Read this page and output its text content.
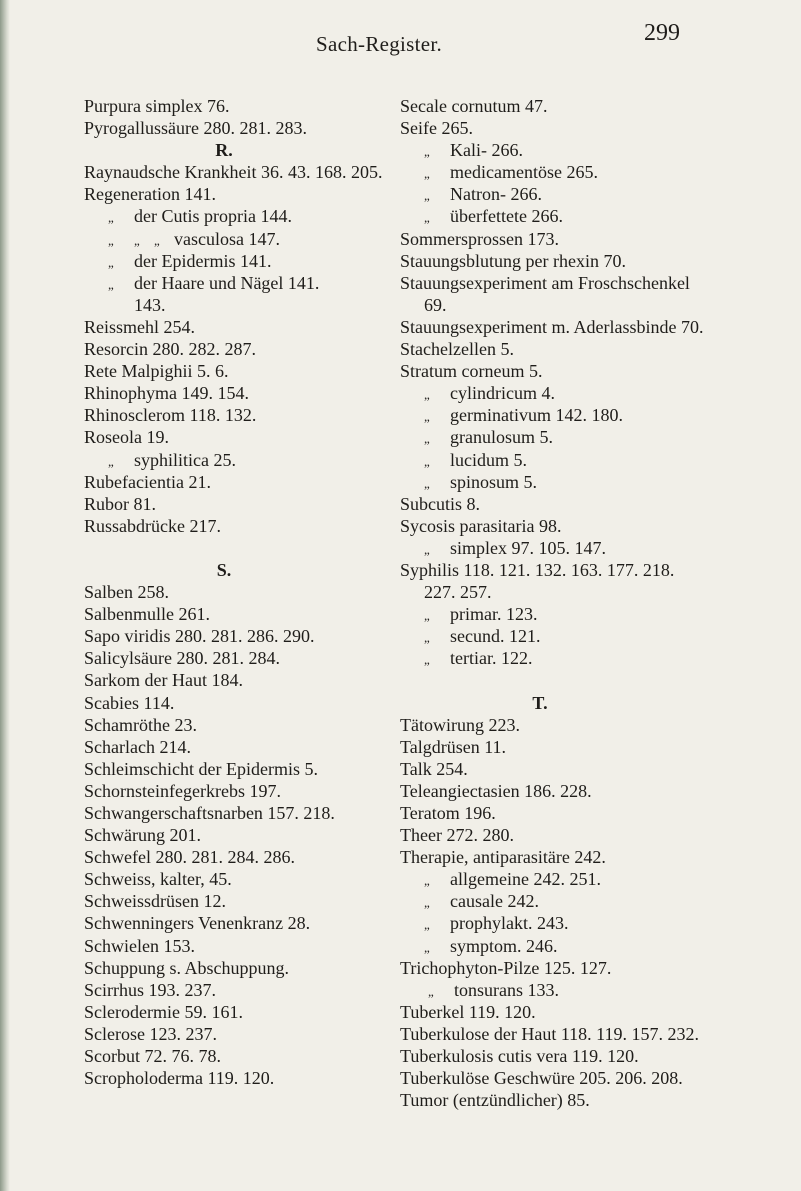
Sach-Register.	299
Purpura simplex 76.
Pyrogallussäure 280. 281. 283.
R.
Raynaudsche Krankheit 36. 43. 168. 205.
Regeneration 141.
„ der Cutis propria 144.
„ „ „ vasculosa 147.
„ der Epidermis 141.
„ der Haare und Nägel 141.
143.
Reissmehl 254.
Resorcin 280. 282. 287.
Rete Malpighii 5. 6.
Rhinophyma 149. 154.
Rhinosclerom 118. 132.
Roseola 19.
„ syphilitica 25.
Rubefacientia 21.
Rubor 81.
Russabdrücke 217.
S.
Salben 258.
Salbenmulle 261.
Sapo viridis 280. 281. 286. 290.
Salicylsäure 280. 281. 284.
Sarkom der Haut 184.
Scabies 114.
Schamröthe 23.
Scharlach 214.
Schleimschicht der Epidermis 5.
Schornsteinfegerkrebs 197.
Schwangerschaftsnarben 157. 218.
Schwärung 201.
Schwefel 280. 281. 284. 286.
Schweiss, kalter, 45.
Schweissdrüsen 12.
Schwenningers Venenkranz 28.
Schwielen 153.
Schuppung s. Abschuppung.
Scirrhus 193. 237.
Sclerodermie 59. 161.
Sclerose 123. 237.
Scorbut 72. 76. 78.
Scropholoderma 119. 120.
Secale cornutum 47.
Seife 265.
„ Kali- 266.
„ medicamentöse 265.
„ Natron- 266.
„ überfettete 266.
Sommersprossen 173.
Stauungsblutung per rhexin 70.
Stauungsexperiment am Froschschenkel
69.
Stauungsexperiment m. Aderlassbinde 70.
Stachelzellen 5.
Stratum corneum 5.
„ cylindricum 4.
„ germinativum 142. 180.
„ granulosum 5.
„ lucidum 5.
„ spinosum 5.
Subcutis 8.
Sycosis parasitaria 98.
„ simplex 97. 105. 147.
Syphilis 118. 121. 132. 163. 177. 218.
227. 257.
„ primar. 123.
„ secund. 121.
„ tertiar. 122.
T.
Tätowirung 223.
Talgdrüsen 11.
Talk 254.
Teleangiectasien 186. 228.
Teratom 196.
Theer 272. 280.
Therapie, antiparasitäre 242.
„ allgemeine 242. 251.
„ causale 242.
„ prophylakt. 243.
„ symptom. 246.
Trichophyton-Pilze 125. 127.
„ tonsurans 133.
Tuberkel 119. 120.
Tuberkulose der Haut 118. 119. 157. 232.
Tuberkulosis cutis vera 119. 120.
Tuberkulöse Geschwüre 205. 206. 208.
Tumor (entzündlicher) 85.
